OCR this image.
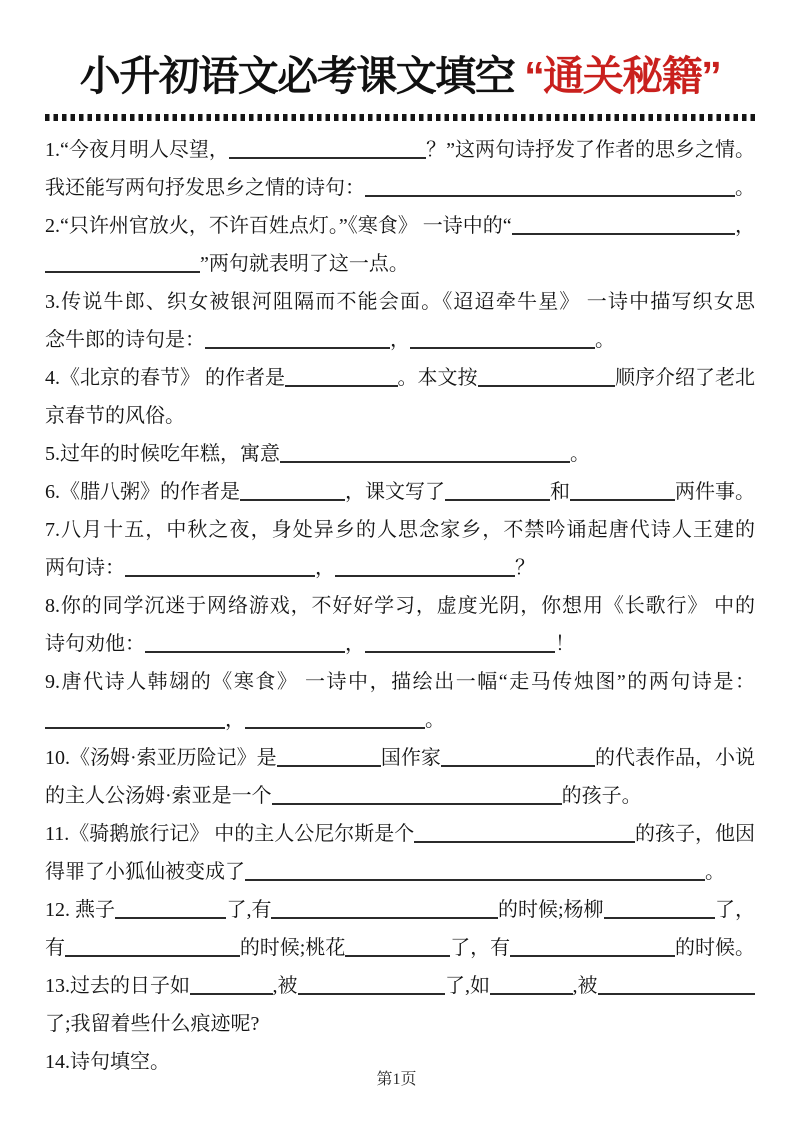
小升初语文必考课文填空 “通关秘籍”
1.“今夜月明人尽望，	？”这两句诗抒发了作者的思乡之情。
我还能写两句抒发思乡之情的诗句：	。
2.“只许州官放火，不许百姓点灯。”《寒食》 一诗中的“	，
”两句就表明了这一点。
3.传说牛郎、织女被银河阻隔而不能会面。《迢迢牵牛星》 一诗中描写织女思
念牛郎的诗句是：	，	。
4.《北京的春节》 的作者是	。本文按	顺序介绍了老北
京春节的风俗。
5.过年的时候吃年糕，寓意	。
6.《腊八粥》的作者是	，课文写了	和	两件事。
7.八月十五，中秋之夜，身处异乡的人思念家乡，不禁吟诵起唐代诗人王建的
两句诗：	，	？
8.你的同学沉迷于网络游戏，不好好学习，虚度光阴，你想用《长歌行》 中的
诗句劝他：	，	！
9.唐代诗人韩翃的《寒食》 一诗中，描绘出一幅“走马传烛图”的两句诗是：
，	。
10.《汤姆·索亚历险记》是	国作家	的代表作品，小说
的主人公汤姆·索亚是一个	的孩子。
11.《骑鹅旅行记》 中的主人公尼尔斯是个	的孩子，他因
得罪了小狐仙被变成了	。
12. 燕子	了,有	的时候;杨柳	了，
有	的时候;桃花	了，有	的时候。
13.过去的日子如	,被	了,如	,被
了;我留着些什么痕迹呢?
14.诗句填空。
第1页
